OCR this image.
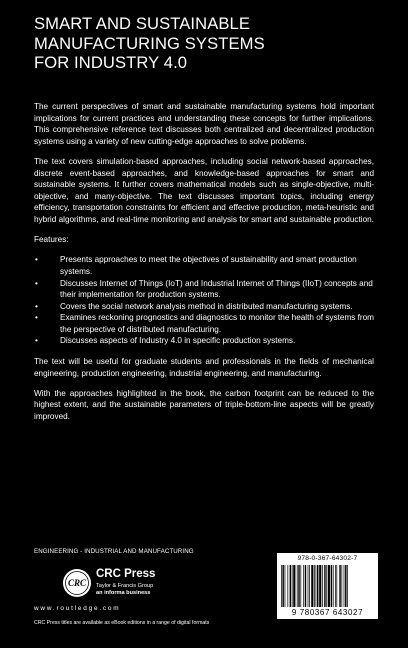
SMART AND SUSTAINABLE
MANUFACTURING SYSTEMS
FOR INDUSTRY 4.0

The current perspectives of smart and sustainable manufacturing systems hold important implications for current practices and understanding these concepts for further implications. This comprehensive reference text discusses both centralized and decentralized production systems using a variety of new cutting-edge approaches to solve problems.

The text covers simulation-based approaches, including social network-based approaches, discrete event-based approaches, and knowledge-based approaches for smart and sustainable systems. It further covers mathematical models such as single-objective, multi-objective, and many-objective. The text discusses important topics, including energy efficiency, transportation constraints for efficient and effective production, meta-heuristic and hybrid algorithms, and real-time monitoring and analysis for smart and sustainable production.

Features:

•	Presents approaches to meet the objectives of sustainability and smart production systems.
•	Discusses Internet of Things (IoT) and Industrial Internet of Things (IIoT) concepts and their implementation for production systems.
•	Covers the social network analysis method in distributed manufacturing systems.
•	Examines reckoning prognostics and diagnostics to monitor the health of systems from the perspective of distributed manufacturing.
•	Discusses aspects of Industry 4.0 in specific production systems.

The text will be useful for graduate students and professionals in the fields of mechanical engineering, production engineering, industrial engineering, and manufacturing.

With the approaches highlighted in the book, the carbon footprint can be reduced to the highest extent, and the sustainable parameters of triple-bottom-line aspects will be greatly improved.

ENGINEERING - INDUSTRIAL AND MANUFACTURING
CRC
CRC Press
Taylor & Francis Group
an informa business
www.routledge.com
CRC Press titles are available as eBook editions in a range of digital formats
978-0-367-64302-7
9 780367 643027
